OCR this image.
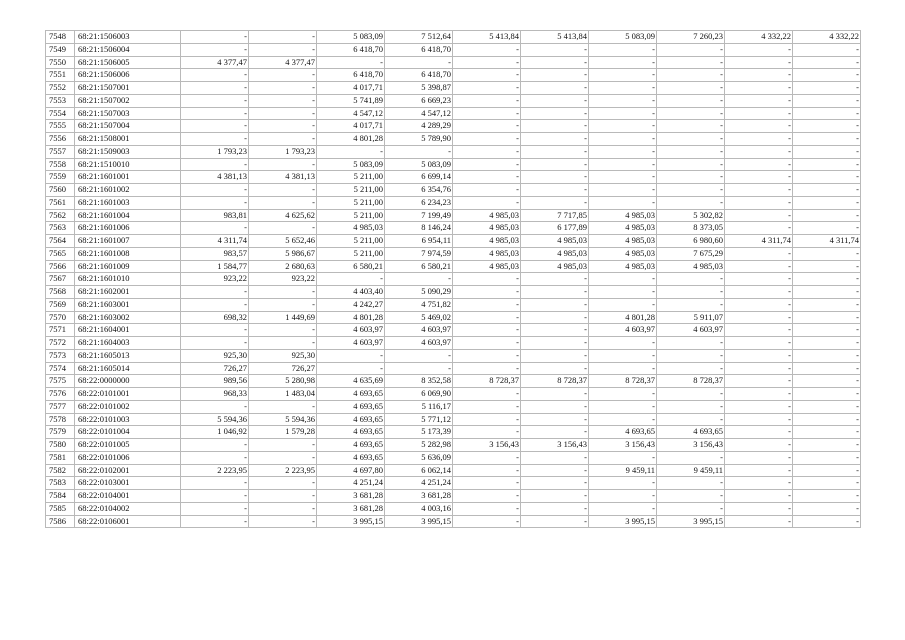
7548	68:21:1506003	-	-	5 083,09	7 512,64	5 413,84	5 413,84	5 083,09	7 260,23	4 332,22	4 332,22
7549	68:21:1506004	-	-	6 418,70	6 418,70	-	-	-	-	-	-
7550	68:21:1506005	4 377,47	4 377,47	-	-	-	-	-	-	-	-
7551	68:21:1506006	-	-	6 418,70	6 418,70	-	-	-	-	-	-
7552	68:21:1507001	-	-	4 017,71	5 398,87	-	-	-	-	-	-
7553	68:21:1507002	-	-	5 741,89	6 669,23	-	-	-	-	-	-
7554	68:21:1507003	-	-	4 547,12	4 547,12	-	-	-	-	-	-
7555	68:21:1507004	-	-	4 017,71	4 289,29	-	-	-	-	-	-
7556	68:21:1508001	-	-	4 801,28	5 789,90	-	-	-	-	-	-
7557	68:21:1509003	1 793,23	1 793,23	-	-	-	-	-	-	-	-
7558	68:21:1510010	-	-	5 083,09	5 083,09	-	-	-	-	-	-
7559	68:21:1601001	4 381,13	4 381,13	5 211,00	6 699,14	-	-	-	-	-	-
7560	68:21:1601002	-	-	5 211,00	6 354,76	-	-	-	-	-	-
7561	68:21:1601003	-	-	5 211,00	6 234,23	-	-	-	-	-	-
7562	68:21:1601004	983,81	4 625,62	5 211,00	7 199,49	4 985,03	7 717,85	4 985,03	5 302,82	-	-
7563	68:21:1601006	-	-	4 985,03	8 146,24	4 985,03	6 177,89	4 985,03	8 373,05	-	-
7564	68:21:1601007	4 311,74	5 652,46	5 211,00	6 954,11	4 985,03	4 985,03	4 985,03	6 980,60	4 311,74	4 311,74
7565	68:21:1601008	983,57	5 986,67	5 211,00	7 974,59	4 985,03	4 985,03	4 985,03	7 675,29	-	-
7566	68:21:1601009	1 584,77	2 680,63	6 580,21	6 580,21	4 985,03	4 985,03	4 985,03	4 985,03	-	-
7567	68:21:1601010	923,22	923,22	-	-	-	-	-	-	-	-
7568	68:21:1602001	-	-	4 403,40	5 090,29	-	-	-	-	-	-
7569	68:21:1603001	-	-	4 242,27	4 751,82	-	-	-	-	-	-
7570	68:21:1603002	698,32	1 449,69	4 801,28	5 469,02	-	-	4 801,28	5 911,07	-	-
7571	68:21:1604001	-	-	4 603,97	4 603,97	-	-	4 603,97	4 603,97	-	-
7572	68:21:1604003	-	-	4 603,97	4 603,97	-	-	-	-	-	-
7573	68:21:1605013	925,30	925,30	-	-	-	-	-	-	-	-
7574	68:21:1605014	726,27	726,27	-	-	-	-	-	-	-	-
7575	68:22:0000000	989,56	5 280,98	4 635,69	8 352,58	8 728,37	8 728,37	8 728,37	8 728,37	-	-
7576	68:22:0101001	968,33	1 483,04	4 693,65	6 069,90	-	-	-	-	-	-
7577	68:22:0101002	-	-	4 693,65	5 116,17	-	-	-	-	-	-
7578	68:22:0101003	5 594,36	5 594,36	4 693,65	5 771,12	-	-	-	-	-	-
7579	68:22:0101004	1 046,92	1 579,28	4 693,65	5 173,39	-	-	4 693,65	4 693,65	-	-
7580	68:22:0101005	-	-	4 693,65	5 282,98	3 156,43	3 156,43	3 156,43	3 156,43	-	-
7581	68:22:0101006	-	-	4 693,65	5 636,09	-	-	-	-	-	-
7582	68:22:0102001	2 223,95	2 223,95	4 697,80	6 062,14	-	-	9 459,11	9 459,11	-	-
7583	68:22:0103001	-	-	4 251,24	4 251,24	-	-	-	-	-	-
7584	68:22:0104001	-	-	3 681,28	3 681,28	-	-	-	-	-	-
7585	68:22:0104002	-	-	3 681,28	4 003,16	-	-	-	-	-	-
7586	68:22:0106001	-	-	3 995,15	3 995,15	-	-	3 995,15	3 995,15	-	-
